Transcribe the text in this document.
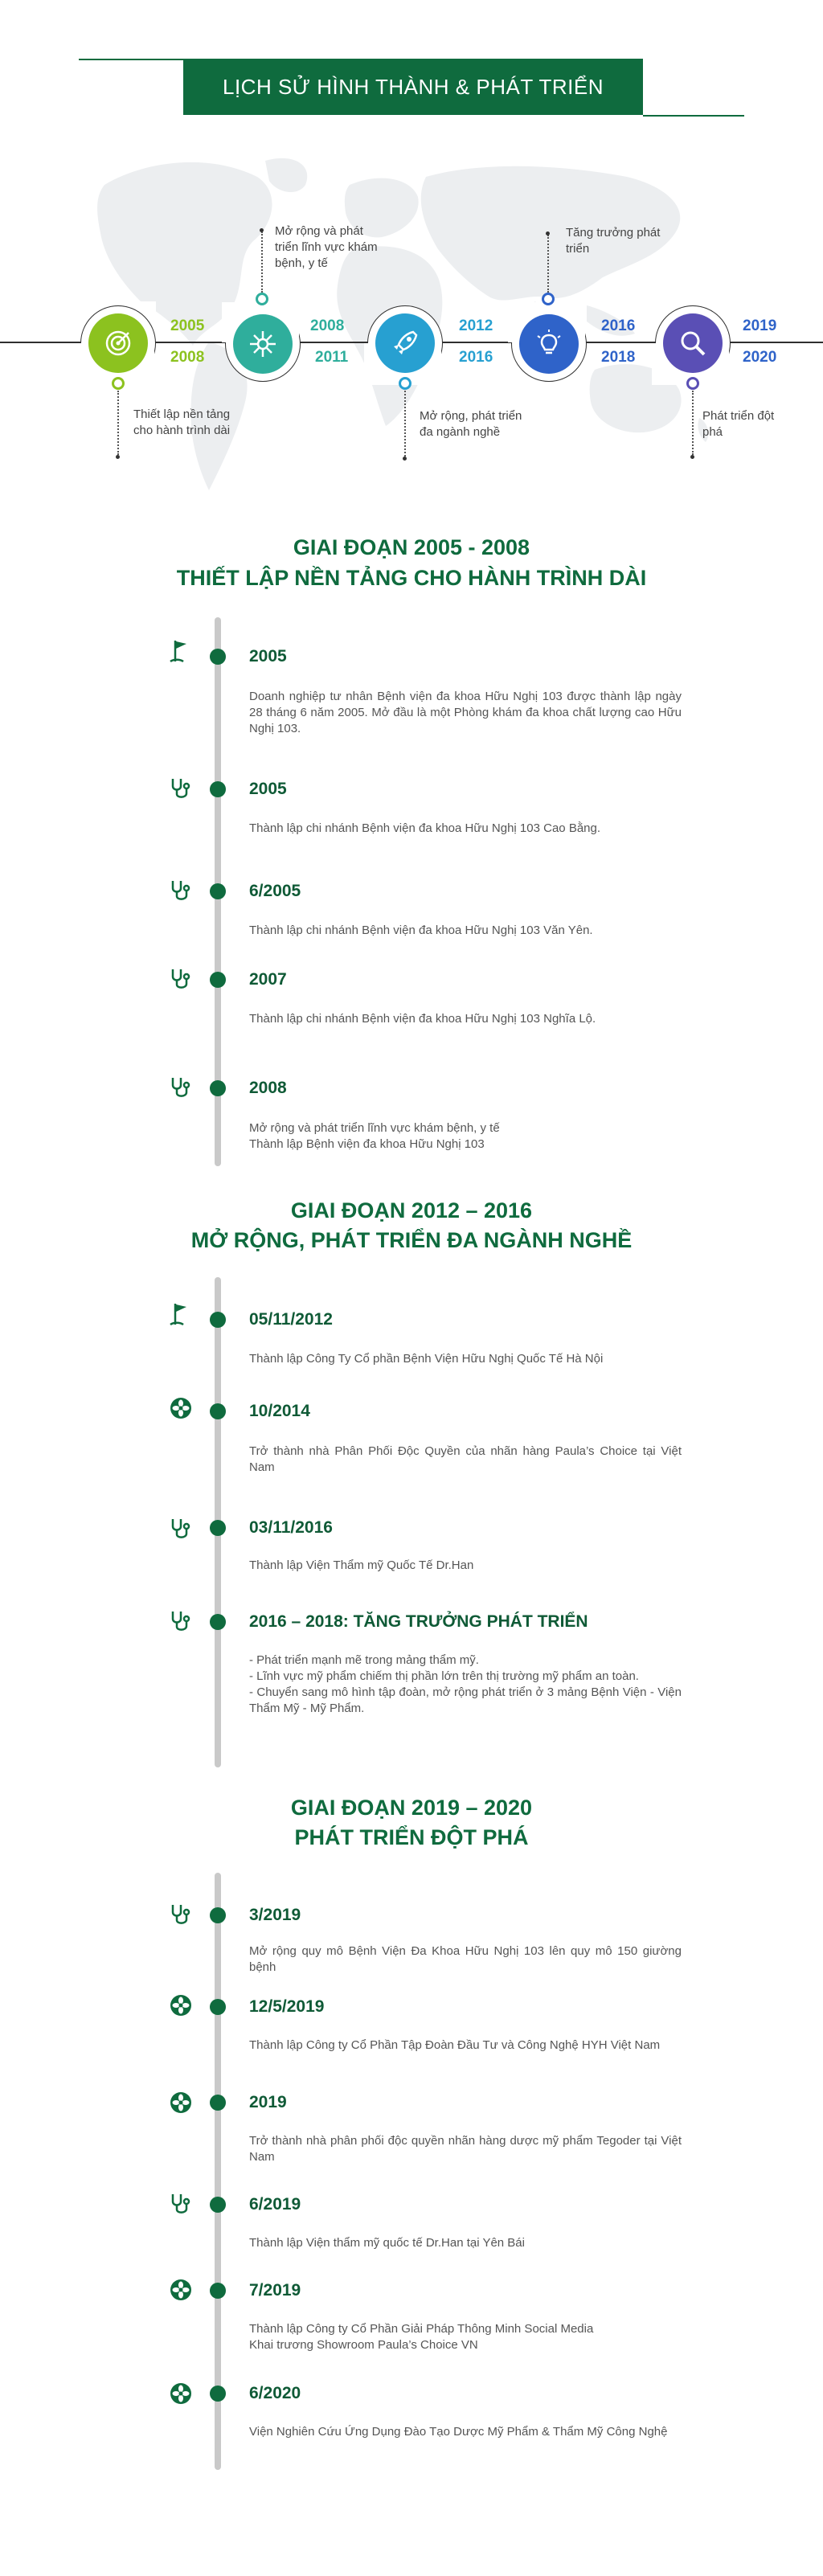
LỊCH SỬ HÌNH THÀNH & PHÁT TRIỂN
2005
2008
Thiết lập nền tảng cho hành trình dài
2008
2011
Mở rộng và phát triển lĩnh vực khám bệnh, y tế
2012
2016
Mở rộng, phát triển đa ngành nghề
2016
2018
Tăng trưởng phát triển
2019
2020
Phát triển đột phá
GIAI ĐOẠN 2005 - 2008
THIẾT LẬP NỀN TẢNG CHO HÀNH TRÌNH DÀI
2005
Doanh nghiệp tư nhân Bệnh viện đa khoa Hữu Nghị 103 được thành lập ngày 28 tháng 6 năm 2005. Mở đầu là một Phòng khám đa khoa chất lượng cao Hữu Nghị 103.
2005
Thành lập chi nhánh Bệnh viện đa khoa Hữu Nghị 103 Cao Bằng.
6/2005
Thành lập chi nhánh Bệnh viện đa khoa Hữu Nghị 103 Văn Yên.
2007
Thành lập chi nhánh Bệnh viện đa khoa Hữu Nghị 103 Nghĩa Lộ.
2008
Mở rộng và phát triển lĩnh vực khám bệnh, y tế
Thành lập Bệnh viện đa khoa Hữu Nghị 103
GIAI ĐOẠN 2012 – 2016
MỞ RỘNG, PHÁT TRIỂN ĐA NGÀNH NGHỀ
05/11/2012
Thành lập Công Ty Cổ phần Bệnh Viện Hữu Nghị Quốc Tế Hà Nội
10/2014
Trở thành nhà Phân Phối Độc Quyền của nhãn hàng Paula’s Choice tại Việt Nam
03/11/2016
Thành lập Viện Thẩm mỹ Quốc Tế Dr.Han
2016 – 2018: TĂNG TRƯỞNG PHÁT TRIỂN
- Phát triển mạnh mẽ trong mảng thẩm mỹ.
- Lĩnh vực mỹ phẩm chiếm thị phần lớn trên thị trường mỹ phẩm an toàn.
- Chuyển sang mô hình tập đoàn, mở rộng phát triển ở 3 mảng Bệnh Viện - Viện Thẩm Mỹ - Mỹ Phẩm.
GIAI ĐOẠN 2019 – 2020
PHÁT TRIỂN ĐỘT PHÁ
3/2019
Mở rộng quy mô Bệnh Viện Đa Khoa Hữu Nghị 103 lên quy mô 150 giường bệnh
12/5/2019
Thành lập Công ty Cổ Phần Tập Đoàn Đầu Tư và Công Nghệ HYH Việt Nam
2019
Trở thành nhà phân phối độc quyền nhãn hàng dược mỹ phẩm Tegoder tại Việt Nam
6/2019
Thành lập Viện thẩm mỹ quốc tế Dr.Han tại Yên Bái
7/2019
Thành lập Công ty Cổ Phần Giải Pháp Thông Minh Social Media
Khai trương Showroom Paula’s Choice VN
6/2020
Viện Nghiên Cứu Ứng Dụng Đào Tạo Dược Mỹ Phẩm & Thẩm Mỹ Công Nghệ
